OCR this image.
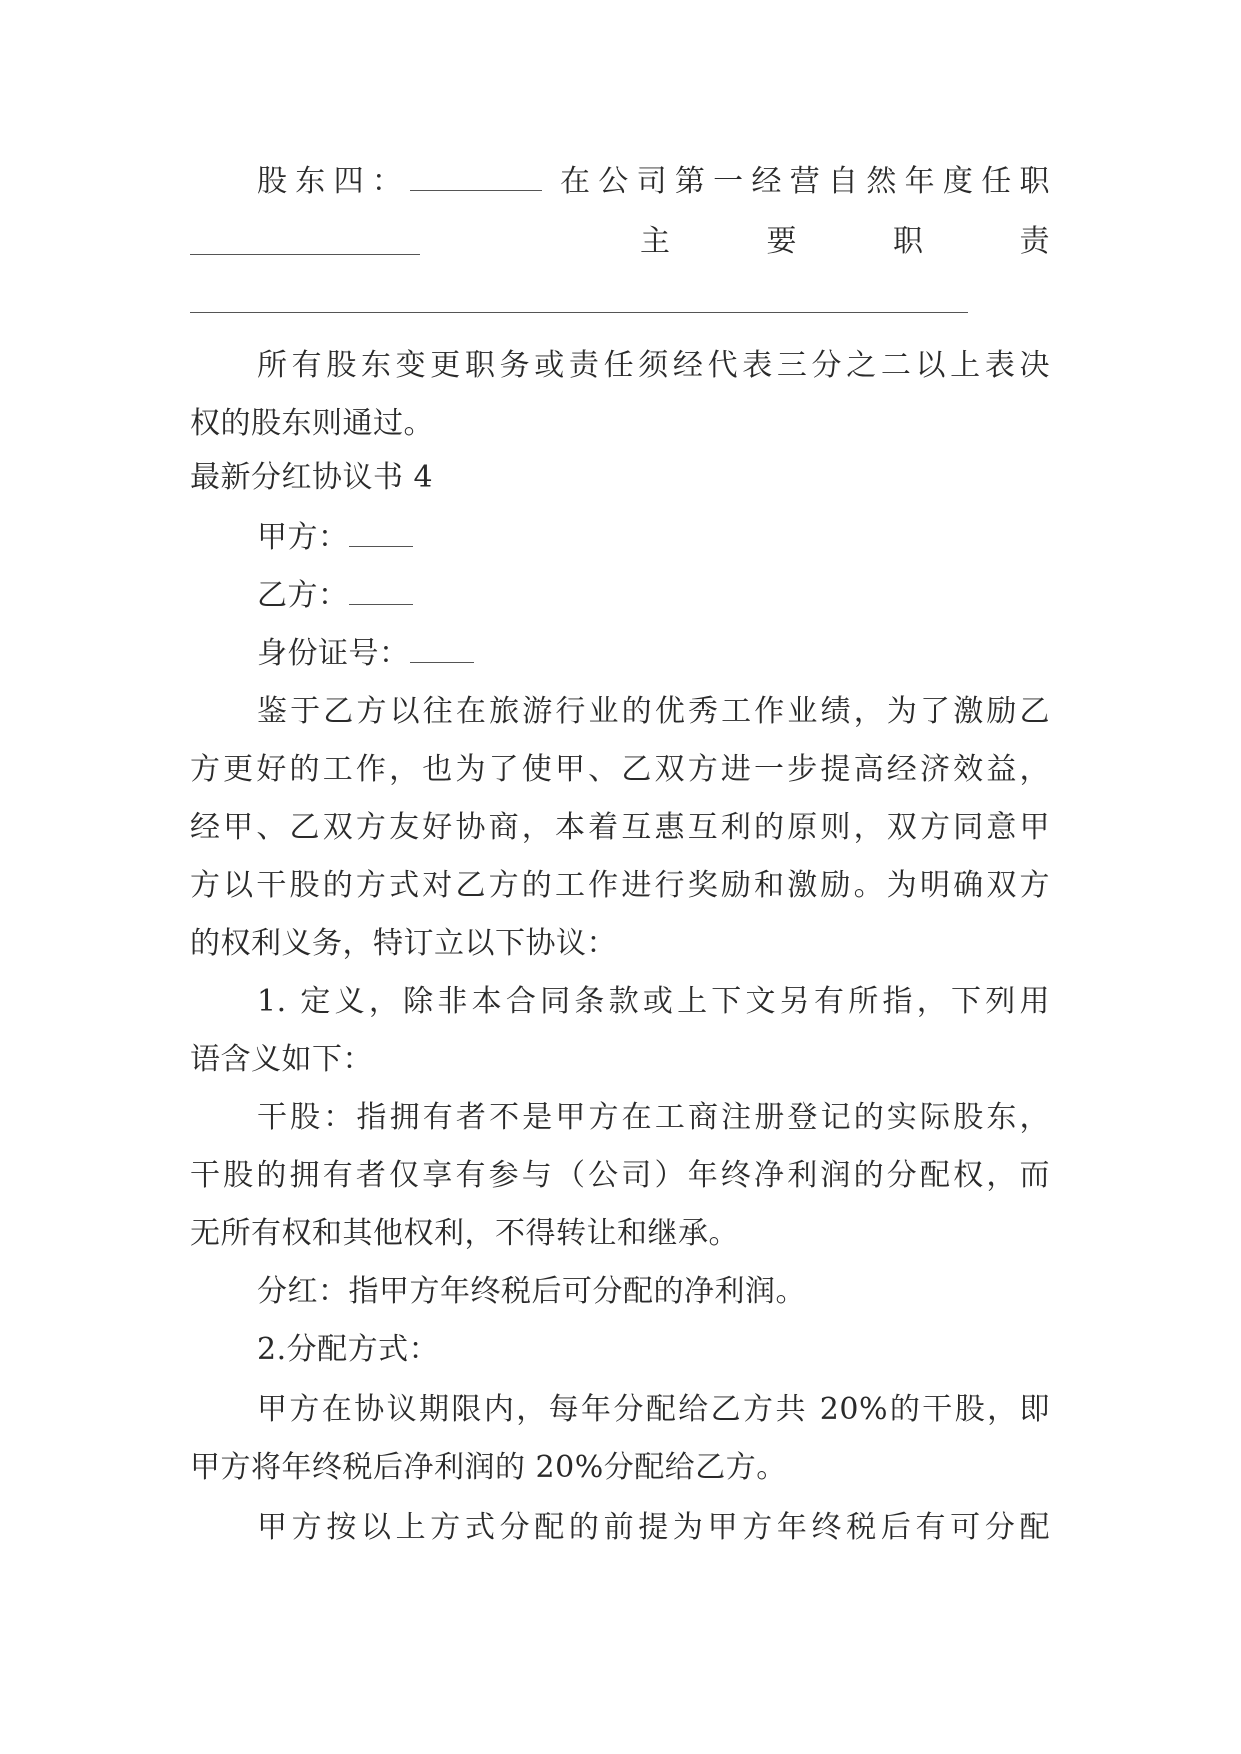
股东四：	在公司第一经营自然年度任职
主	要	职	责
所有股东变更职务或责任须经代表三分之二以上表决
权的股东则通过。
最新分红协议书 4
甲方：
乙方：
身份证号：
鉴于乙方以往在旅游行业的优秀工作业绩，为了激励乙
方更好的工作，也为了使甲、乙双方进一步提高经济效益，
经甲、乙双方友好协商，本着互惠互利的原则，双方同意甲
方以干股的方式对乙方的工作进行奖励和激励。为明确双方
的权利义务，特订立以下协议：
1. 定义，除非本合同条款或上下文另有所指，下列用
语含义如下：
干股：指拥有者不是甲方在工商注册登记的实际股东，
干股的拥有者仅享有参与（公司）年终净利润的分配权，而
无所有权和其他权利，不得转让和继承。
分红：指甲方年终税后可分配的净利润。
2.分配方式：
甲方在协议期限内，每年分配给乙方共 20%的干股，即
甲方将年终税后净利润的 20%分配给乙方。
甲方按以上方式分配的前提为甲方年终税后有可分配
